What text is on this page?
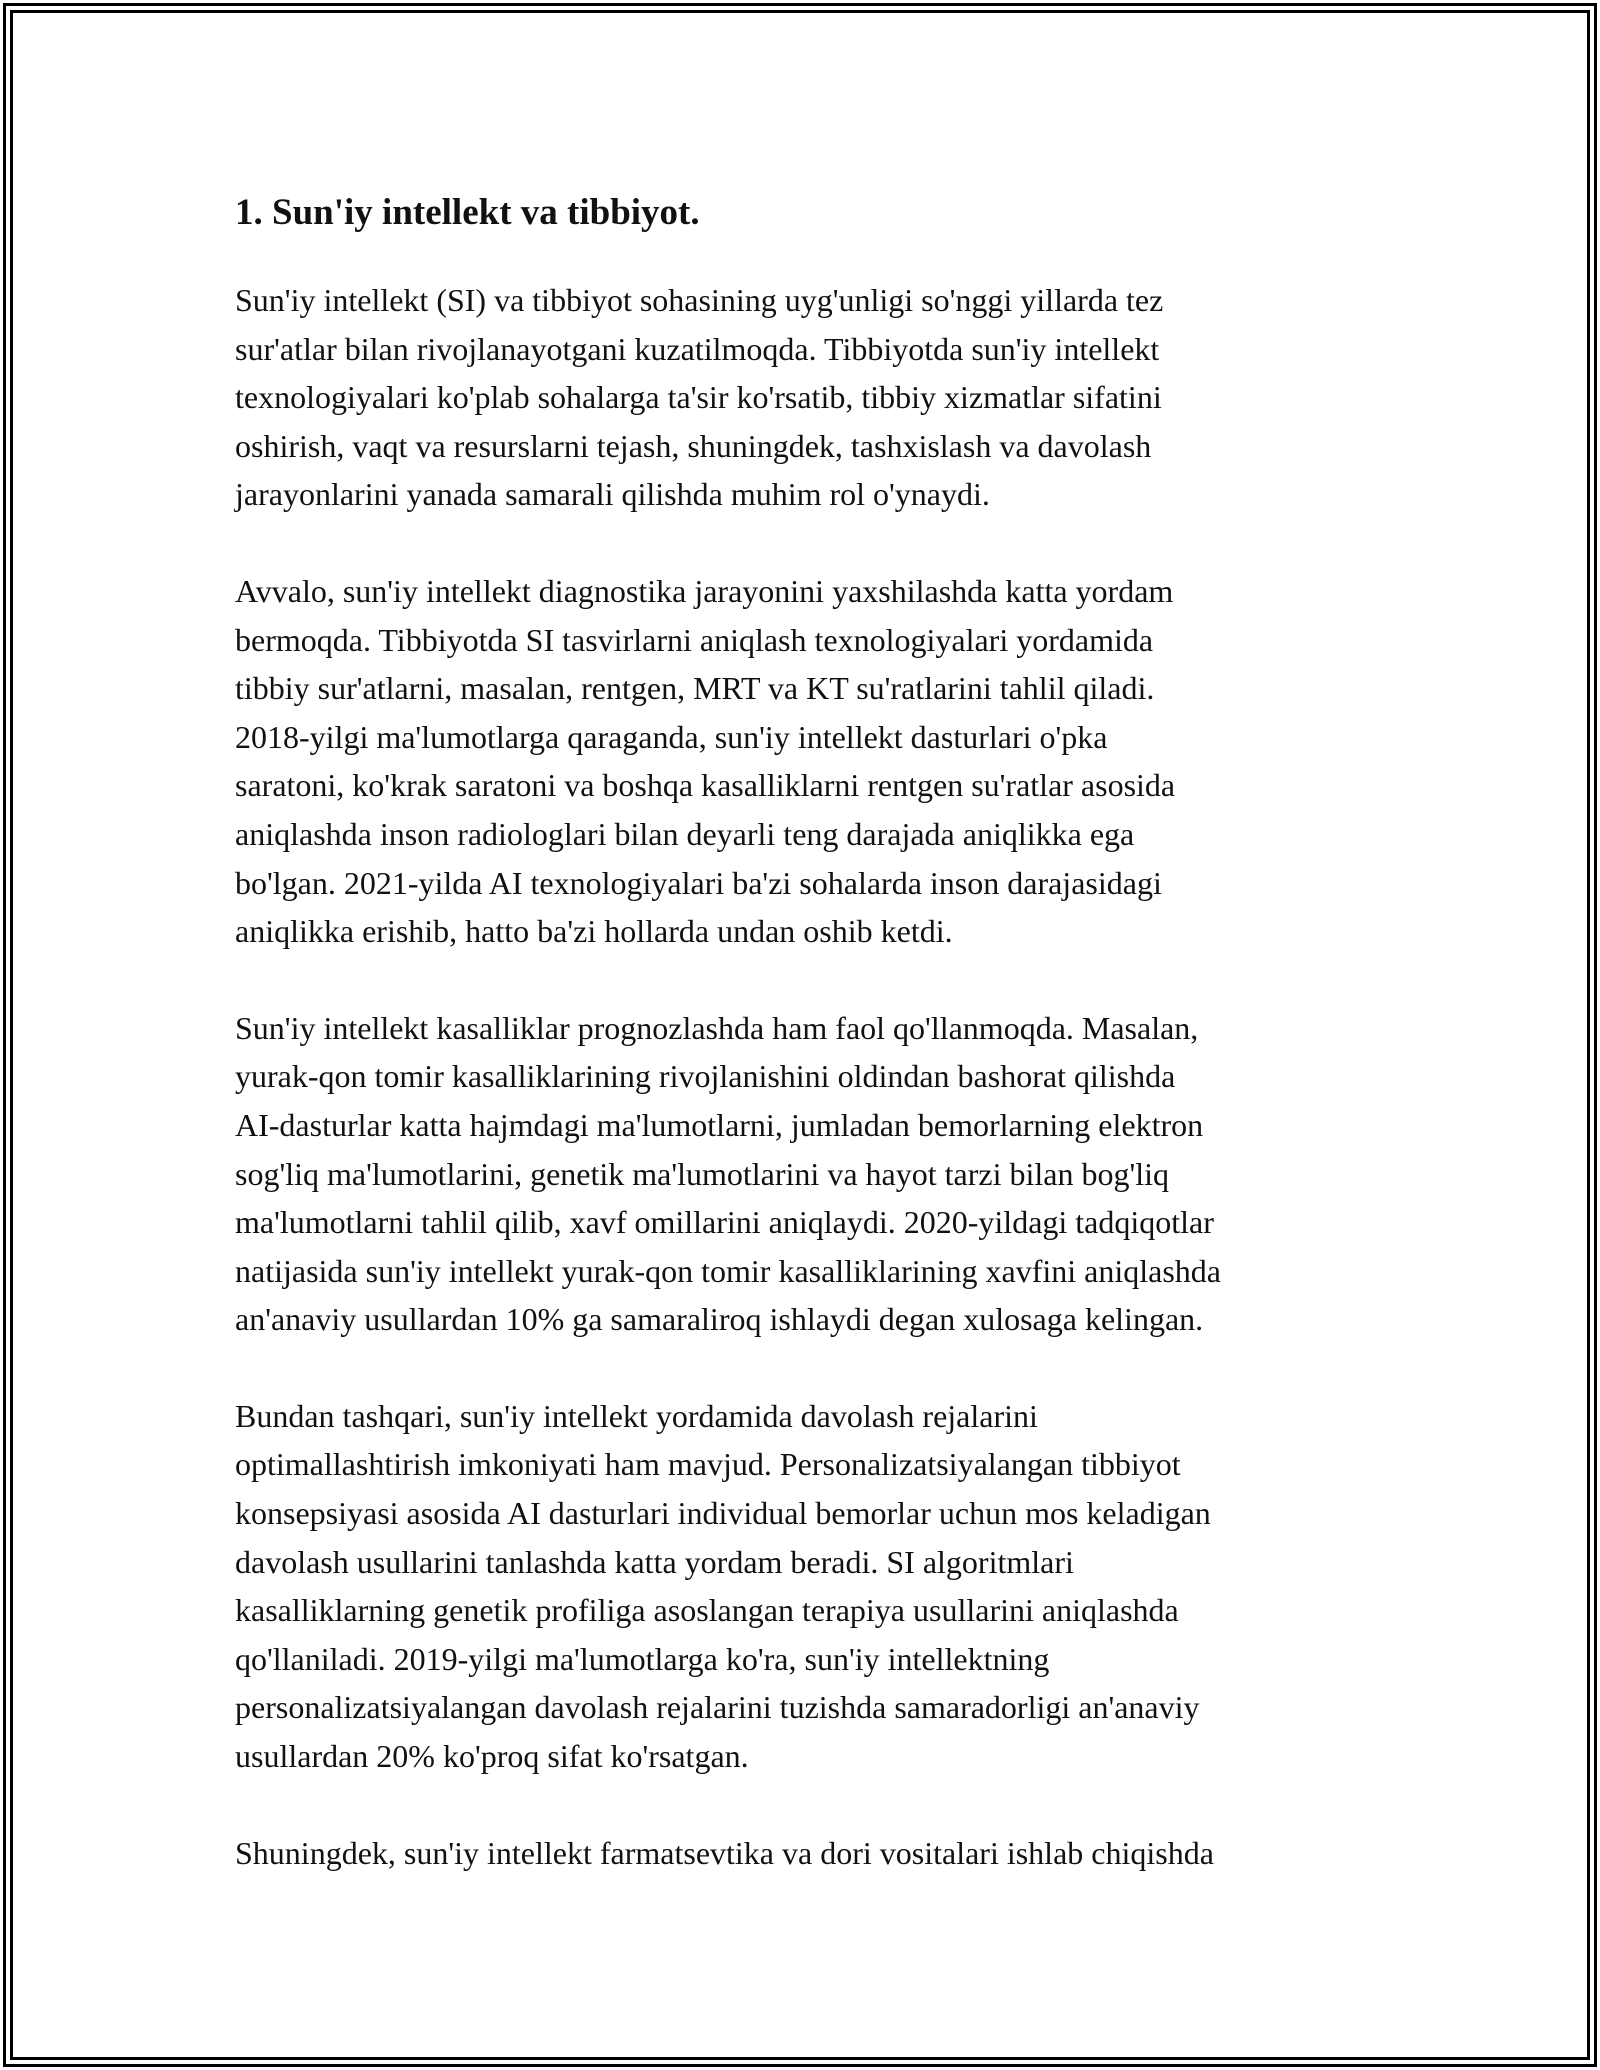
1. Sun'iy intellekt va tibbiyot.

Sun'iy intellekt (SI) va tibbiyot sohasining uyg'unligi so'nggi yillarda tez
sur'atlar bilan rivojlanayotgani kuzatilmoqda. Tibbiyotda sun'iy intellekt
texnologiyalari ko'plab sohalarga ta'sir ko'rsatib, tibbiy xizmatlar sifatini
oshirish, vaqt va resurslarni tejash, shuningdek, tashxislash va davolash
jarayonlarini yanada samarali qilishda muhim rol o'ynaydi.

Avvalo, sun'iy intellekt diagnostika jarayonini yaxshilashda katta yordam
bermoqda. Tibbiyotda SI tasvirlarni aniqlash texnologiyalari yordamida
tibbiy sur'atlarni, masalan, rentgen, MRT va KT su'ratlarini tahlil qiladi.
2018-yilgi ma'lumotlarga qaraganda, sun'iy intellekt dasturlari o'pka
saratoni, ko'krak saratoni va boshqa kasalliklarni rentgen su'ratlar asosida
aniqlashda inson radiologlari bilan deyarli teng darajada aniqlikka ega
bo'lgan. 2021-yilda AI texnologiyalari ba'zi sohalarda inson darajasidagi
aniqlikka erishib, hatto ba'zi hollarda undan oshib ketdi.

Sun'iy intellekt kasalliklar prognozlashda ham faol qo'llanmoqda. Masalan,
yurak-qon tomir kasalliklarining rivojlanishini oldindan bashorat qilishda
AI-dasturlar katta hajmdagi ma'lumotlarni, jumladan bemorlarning elektron
sog'liq ma'lumotlarini, genetik ma'lumotlarini va hayot tarzi bilan bog'liq
ma'lumotlarni tahlil qilib, xavf omillarini aniqlaydi. 2020-yildagi tadqiqotlar
natijasida sun'iy intellekt yurak-qon tomir kasalliklarining xavfini aniqlashda
an'anaviy usullardan 10% ga samaraliroq ishlaydi degan xulosaga kelingan.

Bundan tashqari, sun'iy intellekt yordamida davolash rejalarini
optimallashtirish imkoniyati ham mavjud. Personalizatsiyalangan tibbiyot
konsepsiyasi asosida AI dasturlari individual bemorlar uchun mos keladigan
davolash usullarini tanlashda katta yordam beradi. SI algoritmlari
kasalliklarning genetik profiliga asoslangan terapiya usullarini aniqlashda
qo'llaniladi. 2019-yilgi ma'lumotlarga ko'ra, sun'iy intellektning
personalizatsiyalangan davolash rejalarini tuzishda samaradorligi an'anaviy
usullardan 20% ko'proq sifat ko'rsatgan.

Shuningdek, sun'iy intellekt farmatsevtika va dori vositalari ishlab chiqishda
